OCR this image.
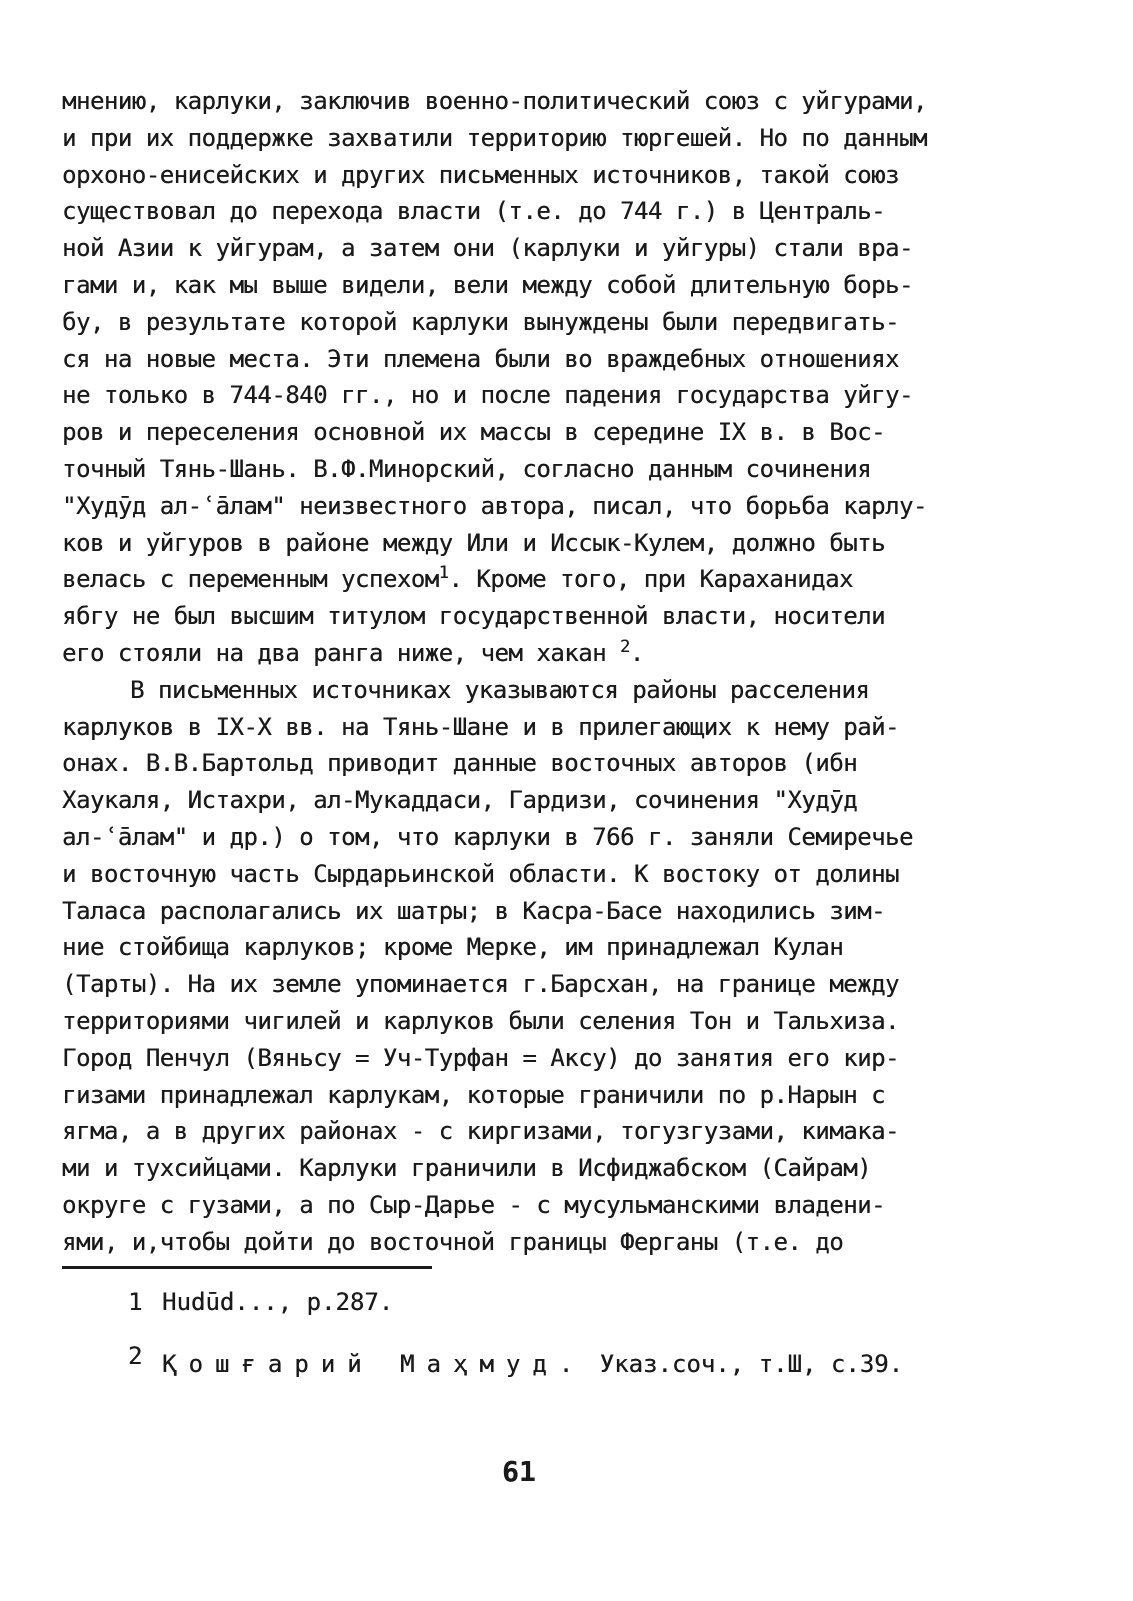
мнению, карлуки, заключив военно-политический союз с уйгурами,
и при их поддержке захватили территорию тюргешей. Но по данным
орхоно-енисейских и других письменных источников, такой союз
существовал до перехода власти (т.е. до 744 г.) в Централь-
ной Азии к уйгурам, а затем они (карлуки и уйгуры) стали вра-
гами и, как мы выше видели, вели между собой длительную борь-
бу, в результате которой карлуки вынуждены были передвигать-
ся на новые места. Эти племена были во враждебных отношениях
не только в 744-840 гг., но и после падения государства уйгу-
ров и переселения основной их массы в середине IX в. в Вос-
точный Тянь-Шань. В.Ф.Минорский, согласно данным сочинения
"Худӯд ал-ʿāлам" неизвестного автора, писал, что борьба карлу-
ков и уйгуров в районе между Или и Иссык-Кулем, должно быть
велась с переменным успехом$^1$. Кроме того, при Караханидах
ябгу не был высшим титулом государственной власти, носители
его стояли на два ранга ниже, чем хакан $^2$.
В письменных источниках указываются районы расселения
карлуков в IX-X вв. на Тянь-Шане и в прилегающих к нему рай-
онах. В.В.Бартольд приводит данные восточных авторов (ибн
Хаукаля, Истахри, ал-Мукаддаси, Гардизи, сочинения "Худӯд
ал-ʿāлам" и др.) о том, что карлуки в 766 г. заняли Семиречье
и восточную часть Сырдарьинской области. К востоку от долины
Таласа располагались их шатры; в Касра-Басе находились зим-
ние стойбища карлуков; кроме Мерке, им принадлежал Кулан
(Тарты). На их земле упоминается г.Барсхан, на границе между
территориями чигилей и карлуков были селения Тон и Тальхиза.
Город Пенчул (Вяньсу = Уч-Турфан = Аксу) до занятия его кир-
гизами принадлежал карлукам, которые граничили по р.Нарын с
ягма, а в других районах - с киргизами, тогузгузами, кимака-
ми и тухсийцами. Карлуки граничили в Исфиджабском (Сайрам)
округе с гузами, а по Сыр-Дарье - с мусульманскими владени-
ями, и,чтобы дойти до восточной границы Ферганы (т.е. до
1 Hudūd..., p.287.
2 Қошғарий Маҳмуд. Указ.соч., т.Ш, с.39.
61
